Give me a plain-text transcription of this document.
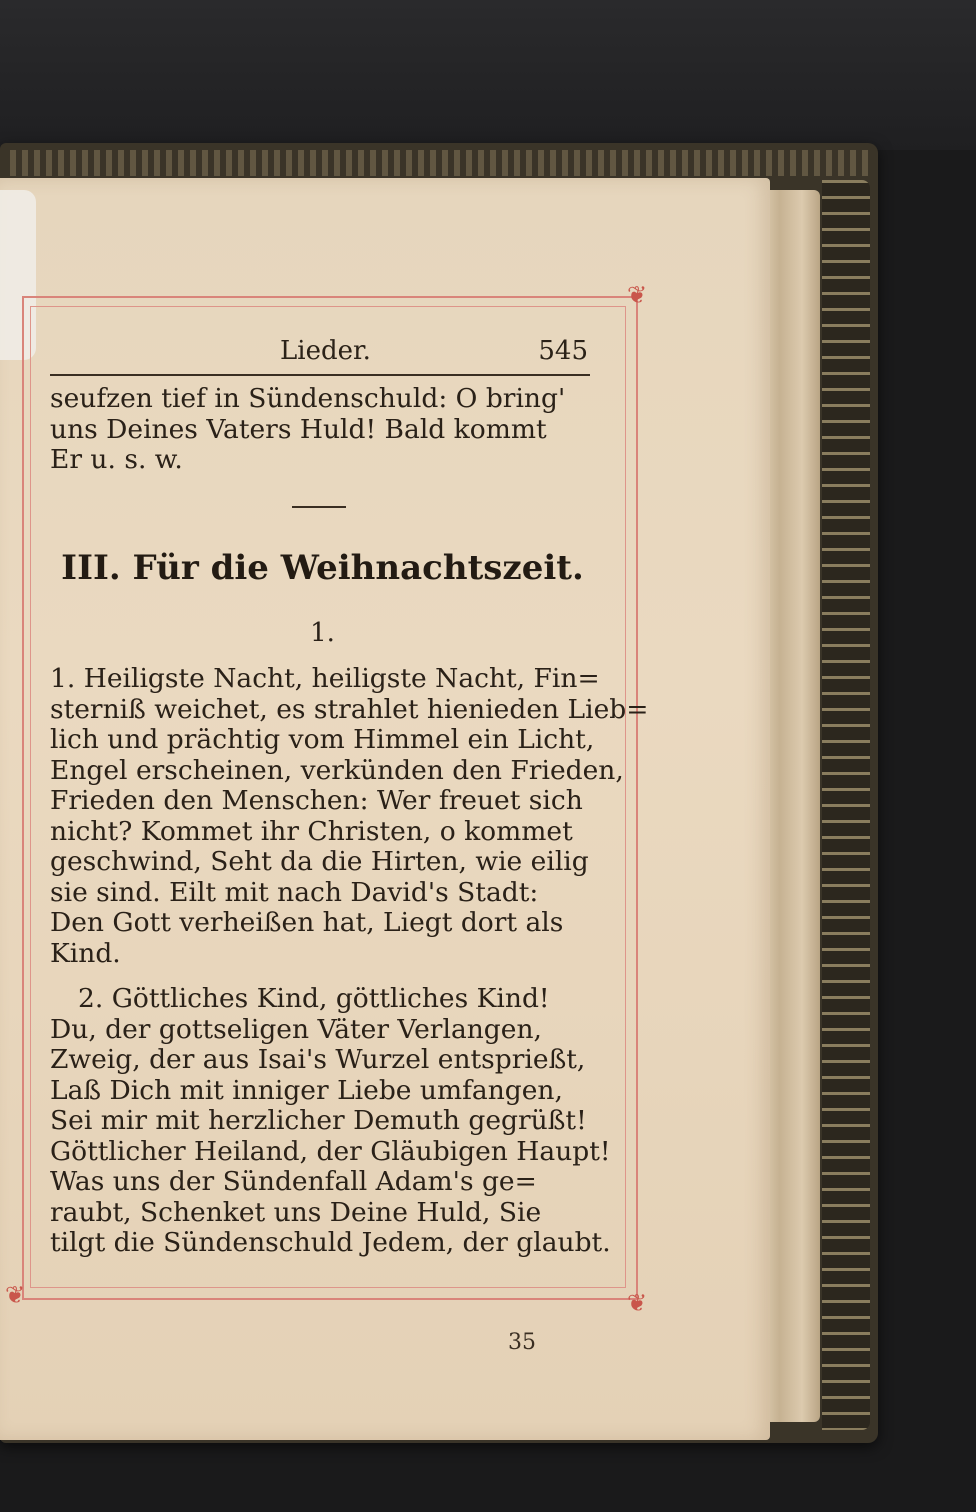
❦
❦	❦
Lieder.	545
seufzen tief in Sündenschuld: O bring'
uns Deines Vaters Huld! Bald kommt
Er u. s. w.
III. Für die Weihnachtszeit.
1.
1. Heiligste Nacht, heiligste Nacht, Fin=
sterniß weichet, es strahlet hienieden Lieb=
lich und prächtig vom Himmel ein Licht,
Engel erscheinen, verkünden den Frieden,
Frieden den Menschen: Wer freuet sich
nicht? Kommet ihr Christen, o kommet
geschwind, Seht da die Hirten, wie eilig
sie sind. Eilt mit nach David's Stadt:
Den Gott verheißen hat, Liegt dort als
Kind.
2. Göttliches Kind, göttliches Kind!
Du, der gottseligen Väter Verlangen,
Zweig, der aus Isai's Wurzel entsprießt,
Laß Dich mit inniger Liebe umfangen,
Sei mir mit herzlicher Demuth gegrüßt!
Göttlicher Heiland, der Gläubigen Haupt!
Was uns der Sündenfall Adam's ge=
raubt, Schenket uns Deine Huld, Sie
tilgt die Sündenschuld Jedem, der glaubt.
35
